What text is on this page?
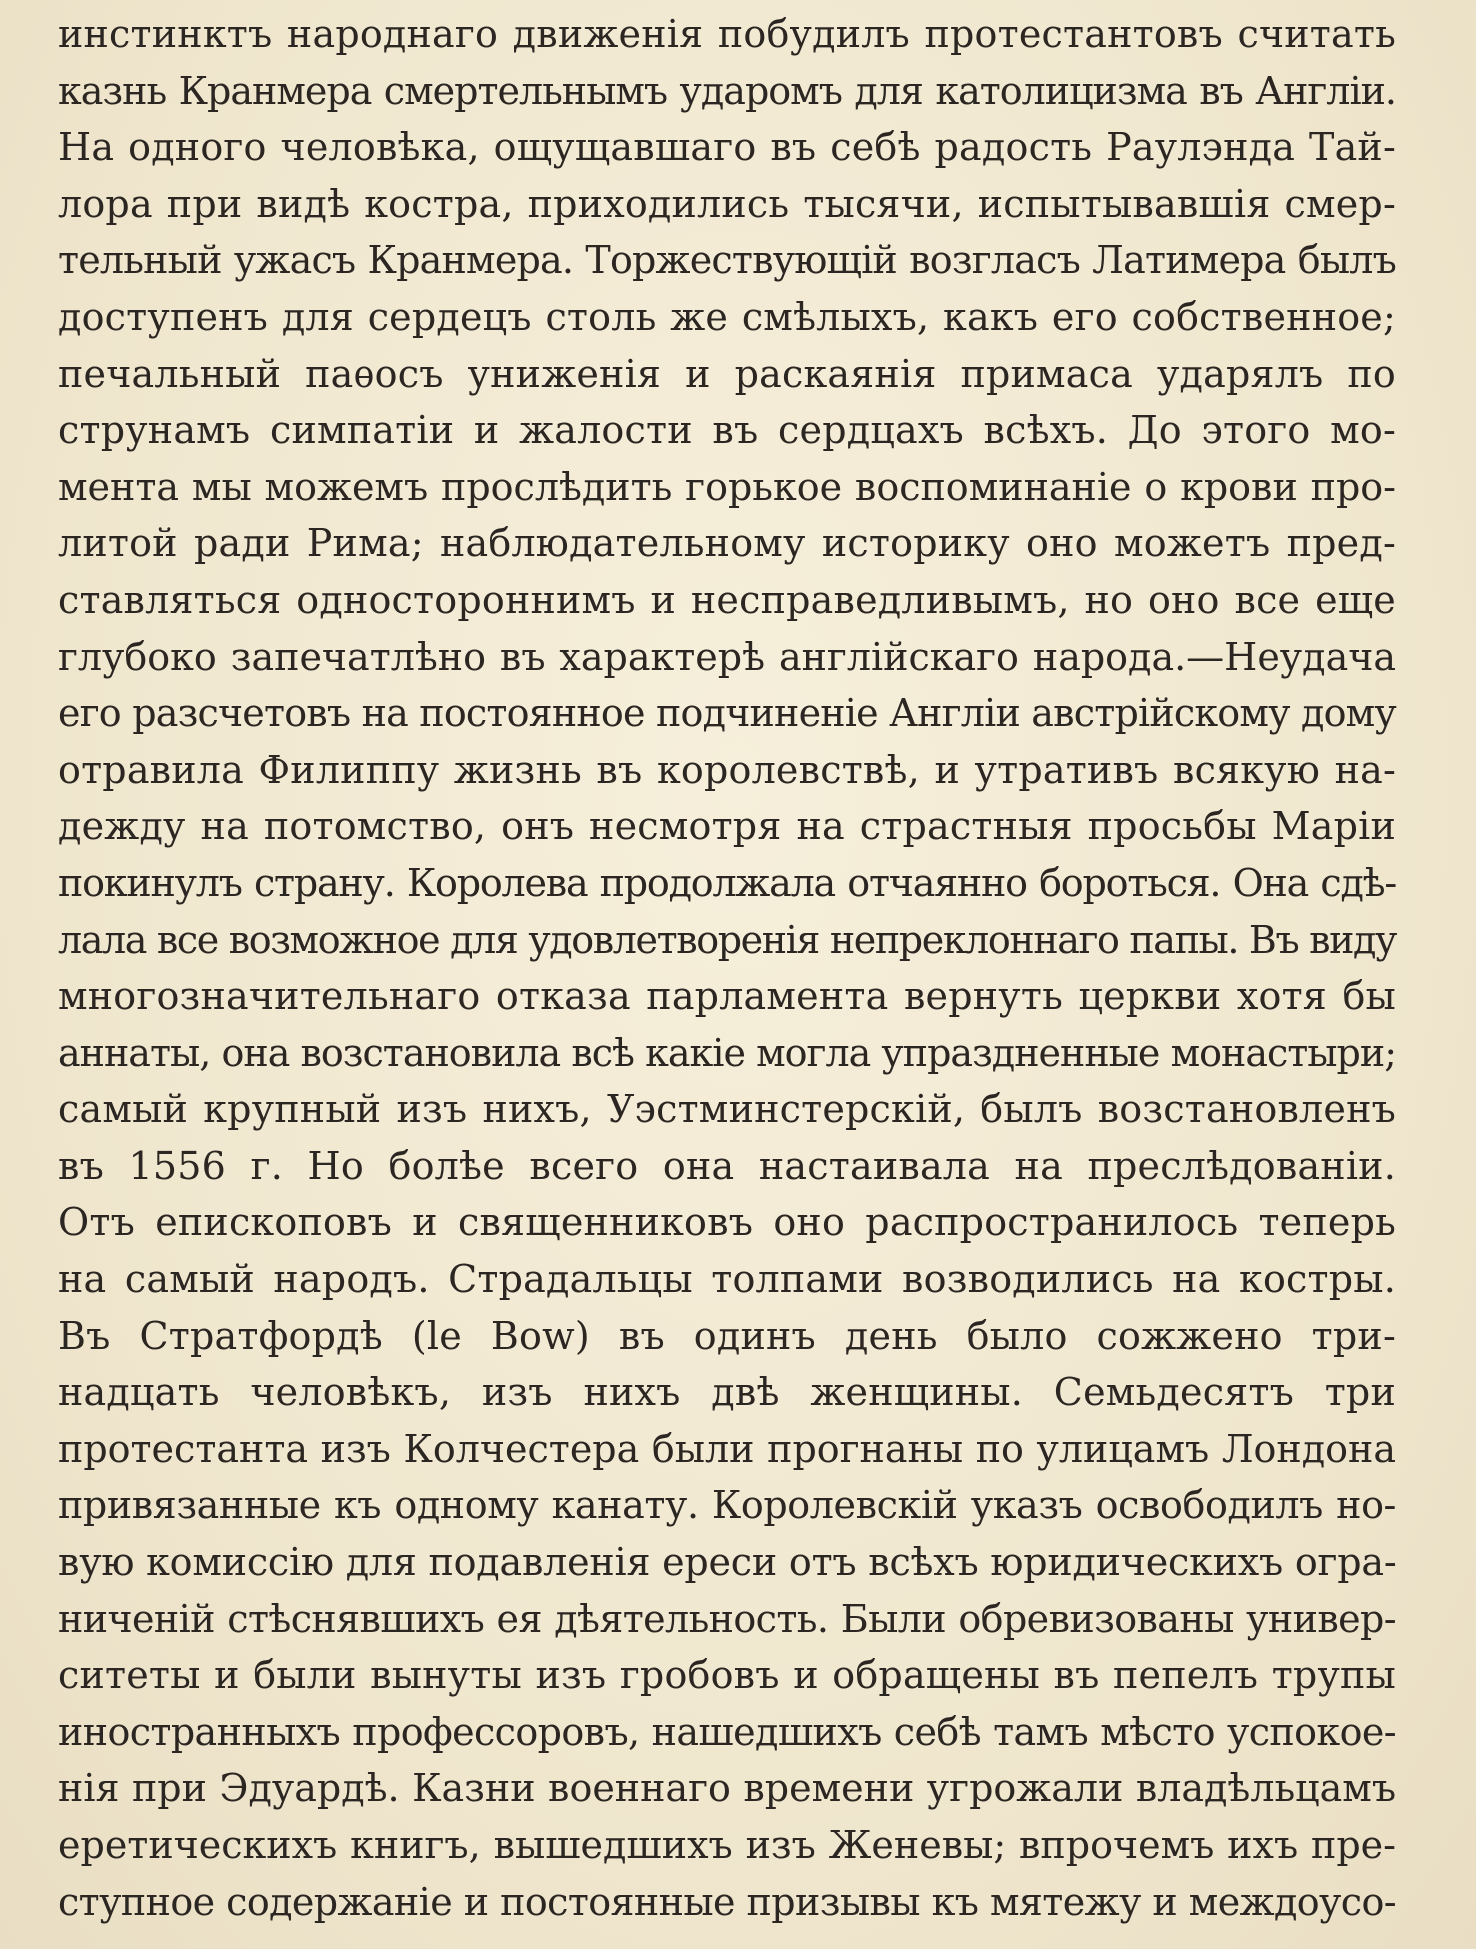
инстинктъ народнаго движенія побудилъ протестантовъ считать
казнь Кранмера смертельнымъ ударомъ для католицизма въ Англіи.
На одного человѣка, ощущавшаго въ себѣ радость Раулэнда Тай-
лора при видѣ костра, приходились тысячи, испытывавшія смер-
тельный ужасъ Кранмера. Торжествующій возгласъ Латимера былъ
доступенъ для сердецъ столь же смѣлыхъ, какъ его собственное;
печальный паѳосъ униженія и раскаянія примаса ударялъ по
струнамъ симпатіи и жалости въ сердцахъ всѣхъ. До этого мо-
мента мы можемъ прослѣдить горькое воспоминаніе о крови про-
литой ради Рима; наблюдательному историку оно можетъ пред-
ставляться одностороннимъ и несправедливымъ, но оно все еще
глубоко запечатлѣно въ характерѣ англійскаго народа.—Неудача
его разсчетовъ на постоянное подчиненіе Англіи австрійскому дому
отравила Филиппу жизнь въ королевствѣ, и утративъ всякую на-
дежду на потомство, онъ несмотря на страстныя просьбы Маріи
покинулъ страну. Королева продолжала отчаянно бороться. Она сдѣ-
лала все возможное для удовлетворенія непреклоннаго папы. Въ виду
многозначительнаго отказа парламента вернуть церкви хотя бы
аннаты, она возстановила всѣ какіе могла упраздненные монастыри;
самый крупный изъ нихъ, Уэстминстерскій, былъ возстановленъ
въ 1556 г. Но болѣе всего она настаивала на преслѣдованіи.
Отъ епископовъ и священниковъ оно распространилось теперь
на самый народъ. Страдальцы толпами возводились на костры.
Въ Стратфордѣ (le Bow) въ одинъ день было сожжено три-
надцать человѣкъ, изъ нихъ двѣ женщины. Семьдесятъ три
протестанта изъ Колчестера были прогнаны по улицамъ Лондона
привязанные къ одному канату. Королевскій указъ освободилъ но-
вую комиссію для подавленія ереси отъ всѣхъ юридическихъ огра-
ниченій стѣснявшихъ ея дѣятельность. Были обревизованы универ-
ситеты и были вынуты изъ гробовъ и обращены въ пепелъ трупы
иностранныхъ профессоровъ, нашедшихъ себѣ тамъ мѣсто успокое-
нія при Эдуардѣ. Казни военнаго времени угрожали владѣльцамъ
еретическихъ книгъ, вышедшихъ изъ Женевы; впрочемъ ихъ пре-
ступное содержаніе и постоянные призывы къ мятежу и междоусо-
